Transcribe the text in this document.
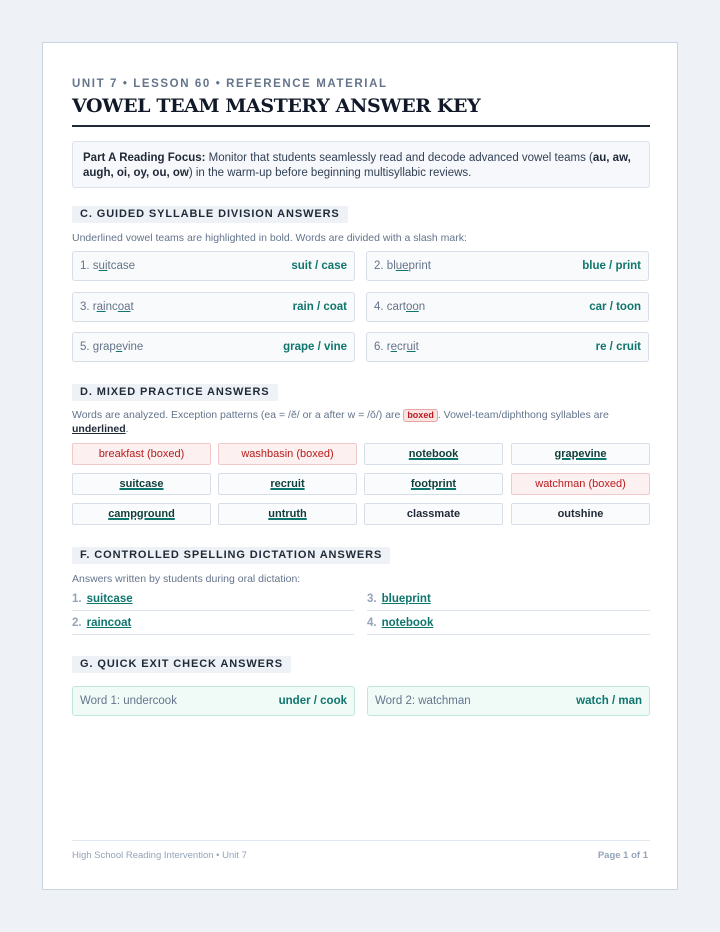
UNIT 7 • LESSON 60 • REFERENCE MATERIAL
VOWEL TEAM MASTERY ANSWER KEY
Part A Reading Focus: Monitor that students seamlessly read and decode advanced vowel teams (au, aw, augh, oi, oy, ou, ow) in the warm-up before beginning multisyllabic reviews.
C. GUIDED SYLLABLE DIVISION ANSWERS
Underlined vowel teams are highlighted in bold. Words are divided with a slash mark:
1. suitcase	suit / case 2. blueprint	blue / print
3. raincoat	rain / coat 4. cartoon	car / toon
5. grapevine	grape / vine 6. recruit	re / cruit
D. MIXED PRACTICE ANSWERS
Words are analyzed. Exception patterns (ea = /ĕ/ or a after w = /ŏ/) are boxed . Vowel-team/diphthong syllables are
underlined.
breakfast (boxed)	washbasin (boxed)	notebook	grapevine
suitcase	recruit	footprint	watchman (boxed)
campground	untruth	classmate	outshine
F. CONTROLLED SPELLING DICTATION ANSWERS
Answers written by students during oral dictation:
1. suitcase	3. blueprint
2. raincoat	4. notebook
G. QUICK EXIT CHECK ANSWERS
Word 1: undercook	under / cook Word 2: watchman	watch / man
High School Reading Intervention • Unit 7	Page 1 of 1
